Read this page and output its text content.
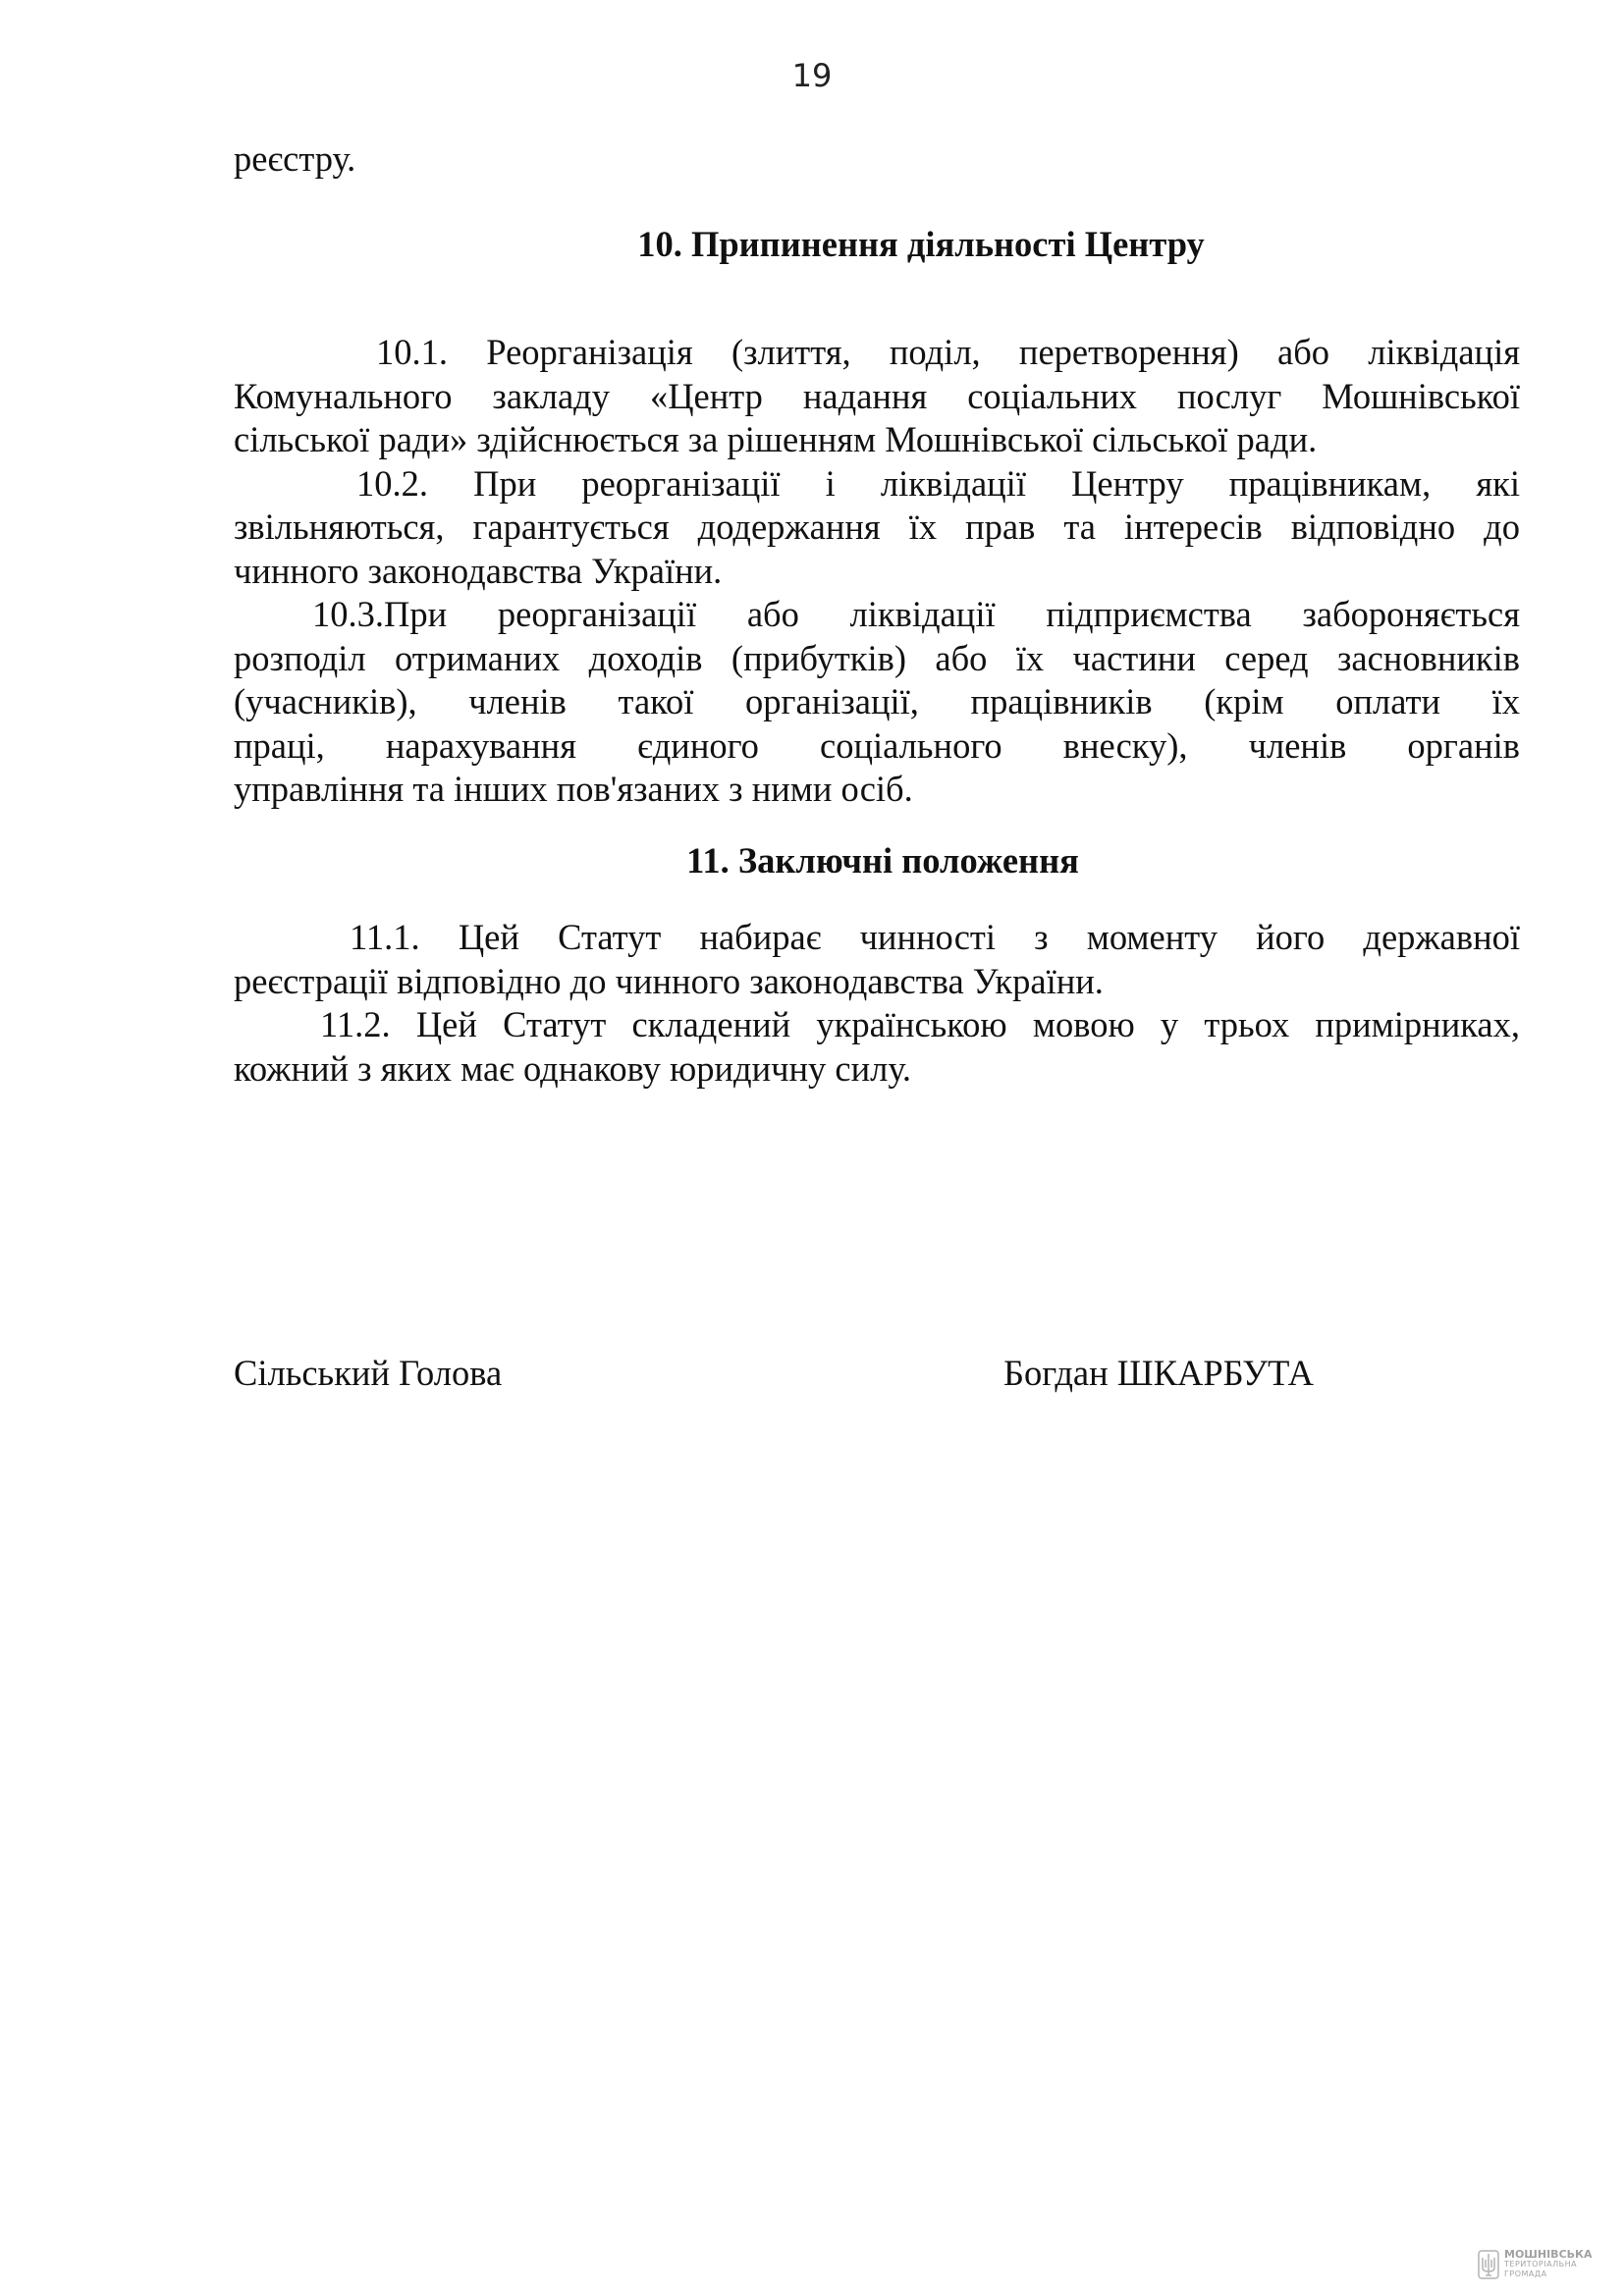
19
реєстру.
10. Припинення діяльності Центру
10.1. Реорганізація (злиття, поділ, перетворення) або ліквідація
Комунального закладу «Центр надання соціальних послуг Мошнівської
сільської ради» здійснюється за рішенням Мошнівської сільської ради.
10.2. При реорганізації і ліквідації Центру працівникам, які
звільняються, гарантується додержання їх прав та інтересів відповідно до
чинного законодавства України.
10.3.При реорганізації або ліквідації підприємства забороняється
розподіл отриманих доходів (прибутків) або їх частини серед засновників
(учасників), членів такої організації, працівників (крім оплати їх
праці, нарахування єдиного соціального внеску), членів органів
управління та інших пов'язаних з ними осіб.
11. Заключні положення
11.1. Цей Статут набирає чинності з моменту його державної
реєстрації відповідно до чинного законодавства України.
11.2. Цей Статут складений українською мовою у трьох примірниках,
кожний з яких має однакову юридичну силу.
Сільський Голова	Богдан ШКАРБУТА
МОШНІВСЬКА
ТЕРИТОРІАЛЬНА
ГРОМАДА
